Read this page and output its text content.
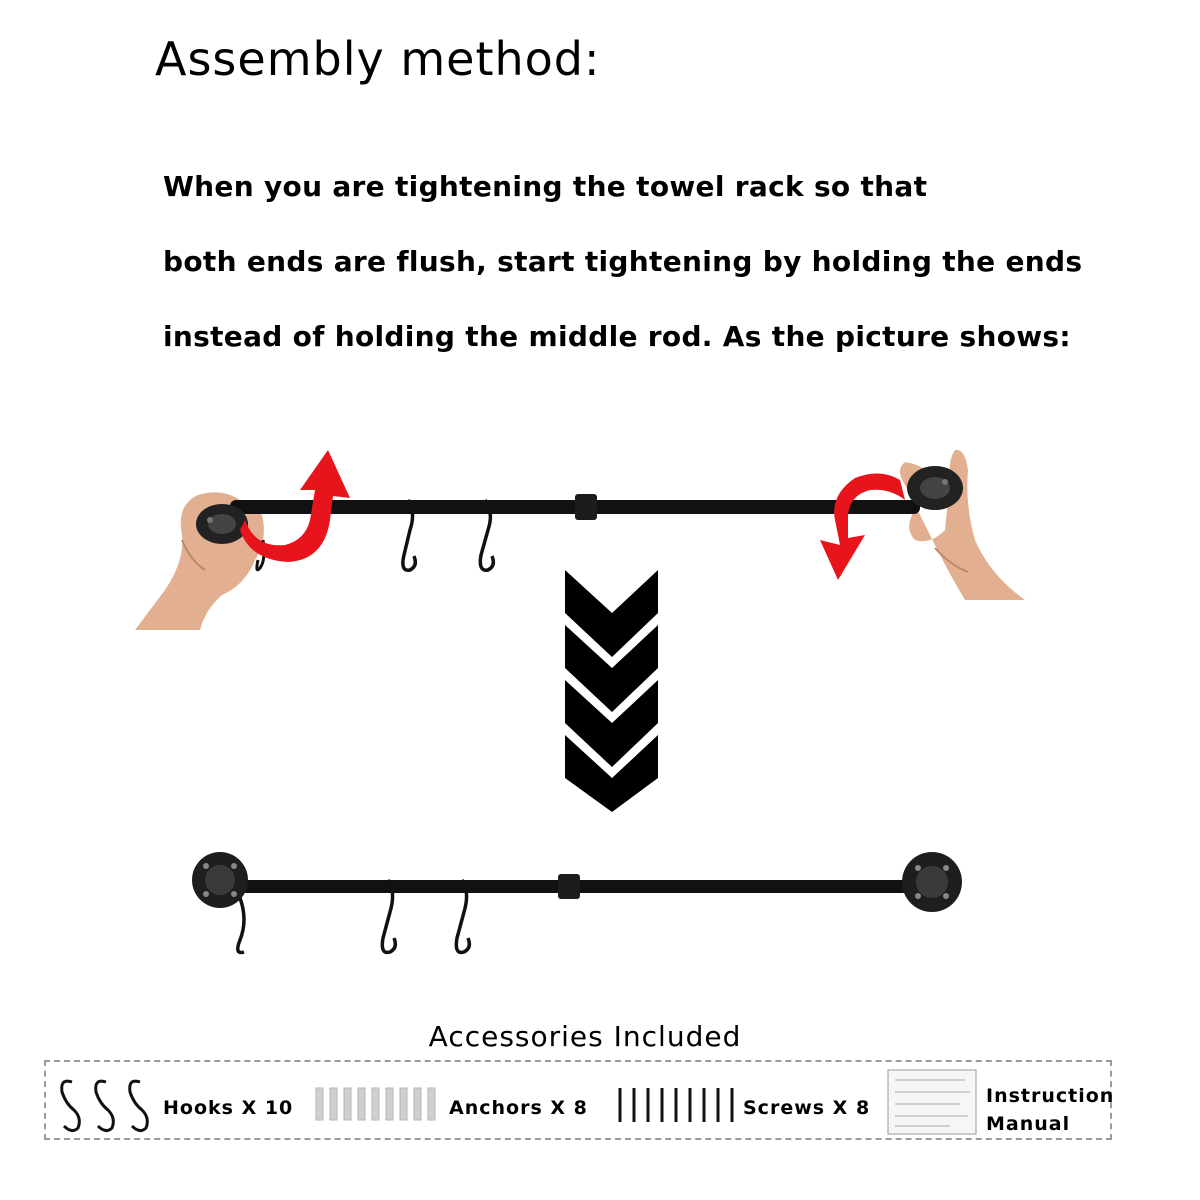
Assembly method:
When you are tightening the towel rack so that
both ends are flush, start tightening by holding the ends
instead of holding the middle rod. As the picture shows:
Accessories Included
Hooks X 10	Anchors X 8	Screws X 8
Instruction
Manual
